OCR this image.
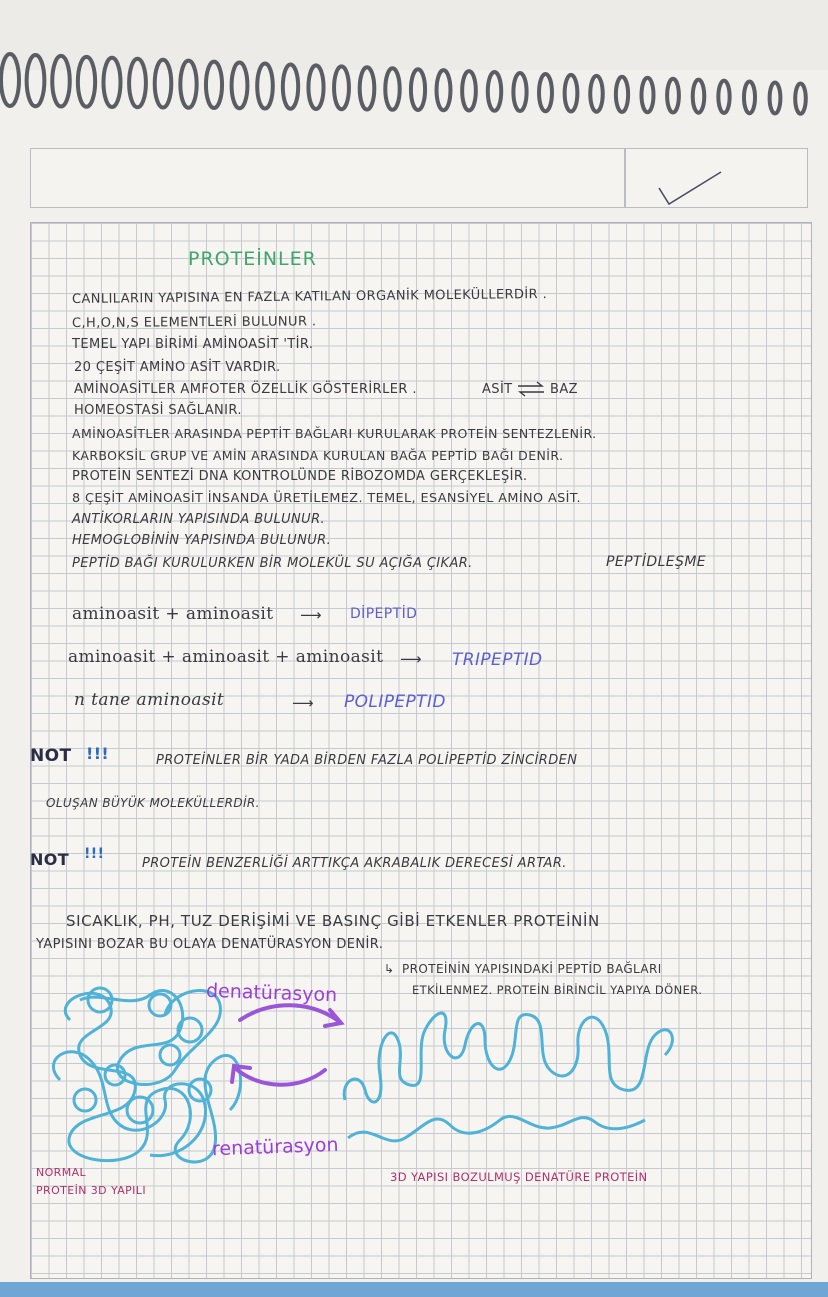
PROTEİNLER
CANLILARIN YAPISINA EN FAZLA KATILAN ORGANİK MOLEKÜLLERDİR .
C,H,O,N,S ELEMENTLERİ BULUNUR .
TEMEL YAPI BİRİMİ AMİNOASİT 'TİR.
20 ÇEŞİT AMİNO ASİT VARDIR.
AMİNOASİTLER AMFOTER ÖZELLİK GÖSTERİRLER .	ASİT ⇌ BAZ
HOMEOSTASİ SAĞLANIR.
AMİNOASİTLER ARASINDA PEPTİT BAĞLARI KURULARAK PROTEİN SENTEZLENİR.
KARBOKSİL GRUP VE AMİN ARASINDA KURULAN BAĞA PEPTİD BAĞI DENİR.
PROTEİN SENTEZİ DNA KONTROLÜNDE RİBOZOMDA GERÇEKLEŞİR.
8 ÇEŞİT AMİNOASİT İNSANDA ÜRETİLEMEZ. TEMEL, ESANSİYEL AMİNO ASİT.
ANTİKORLARIN YAPISINDA BULUNUR.
HEMOGLOBİNİN YAPISINDA BULUNUR.
PEPTİD BAĞI KURULURKEN BİR MOLEKÜL SU AÇIĞA ÇIKAR.	PEPTİDLEŞME
aminoasit + aminoasit ⟶ DİPEPTİD
aminoasit + aminoasit + aminoasit ⟶ TRIPEPTID
n tane aminoasit	⟶ POLIPEPTID
NOT !!!	PROTEİNLER BİR YADA BİRDEN FAZLA POLİPEPTİD ZİNCİRDEN
OLUŞAN BÜYÜK MOLEKÜLLERDİR.
NOT !!!
PROTEİN BENZERLİĞİ ARTTIKÇA AKRABALIK DERECESİ ARTAR.
SICAKLIK, PH, TUZ DERİŞİMİ VE BASINÇ GİBİ ETKENLER PROTEİNİN
YAPISINI BOZAR BU OLAYA DENATÜRASYON DENİR.
↳ PROTEİNİN YAPISINDAKİ PEPTİD BAĞLARI
ETKİLENMEZ. PROTEİN BİRİNCİL YAPIYA DÖNER.
denatürasyon
renatürasyon
NORMAL
PROTEİN 3D YAPILI
3D YAPISI BOZULMUŞ DENATÜRE PROTEİN
